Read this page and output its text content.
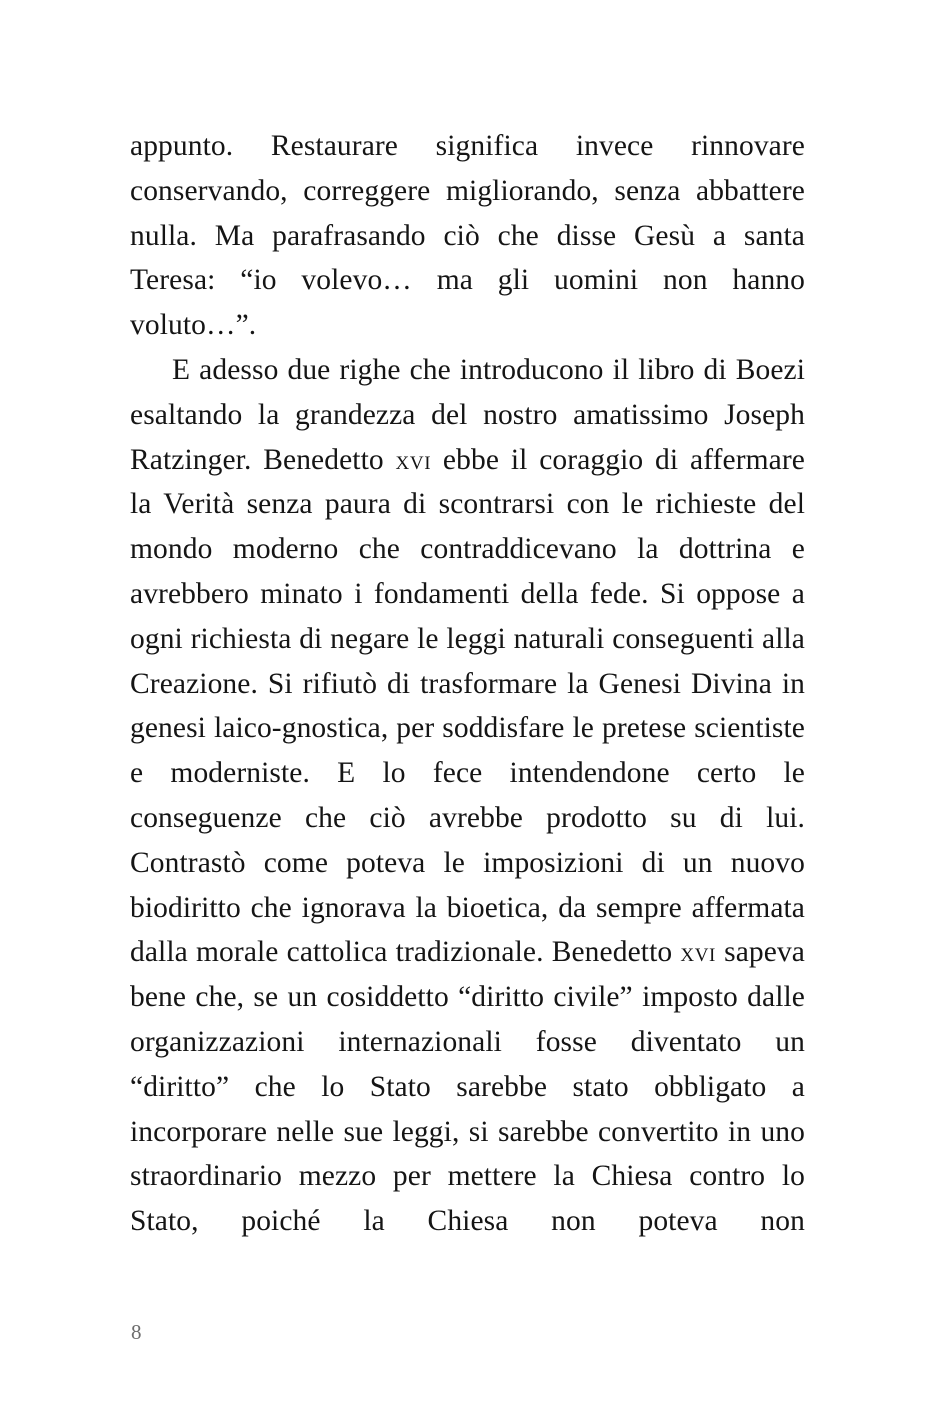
appunto. Restaurare significa invece rinnovare conservando, correggere migliorando, senza abbattere nulla. Ma parafrasando ciò che disse Gesù a santa Teresa: “io volevo… ma gli uomini non hanno voluto…”.

E adesso due righe che introducono il libro di Boezi esaltando la grandezza del nostro amatissimo Joseph Ratzinger. Benedetto xvi ebbe il coraggio di affermare la Verità senza paura di scontrarsi con le richieste del mondo moderno che contraddicevano la dottrina e avrebbero minato i fondamenti della fede. Si oppose a ogni richiesta di negare le leggi naturali conseguenti alla Creazione. Si rifiutò di trasformare la Genesi Divina in genesi laico-gnostica, per soddisfare le pretese scientiste e moderniste. E lo fece intendendone certo le conseguenze che ciò avrebbe prodotto su di lui. Contrastò come poteva le imposizioni di un nuovo biodiritto che ignorava la bioetica, da sempre affermata dalla morale cattolica tradizionale. Benedetto xvi sapeva bene che, se un cosiddetto “diritto civile” imposto dalle organizzazioni internazionali fosse diventato un “diritto” che lo Stato sarebbe stato obbligato a incorporare nelle sue leggi, si sarebbe convertito in uno straordinario mezzo per mettere la Chiesa contro lo Stato, poiché la Chiesa non poteva non

8
